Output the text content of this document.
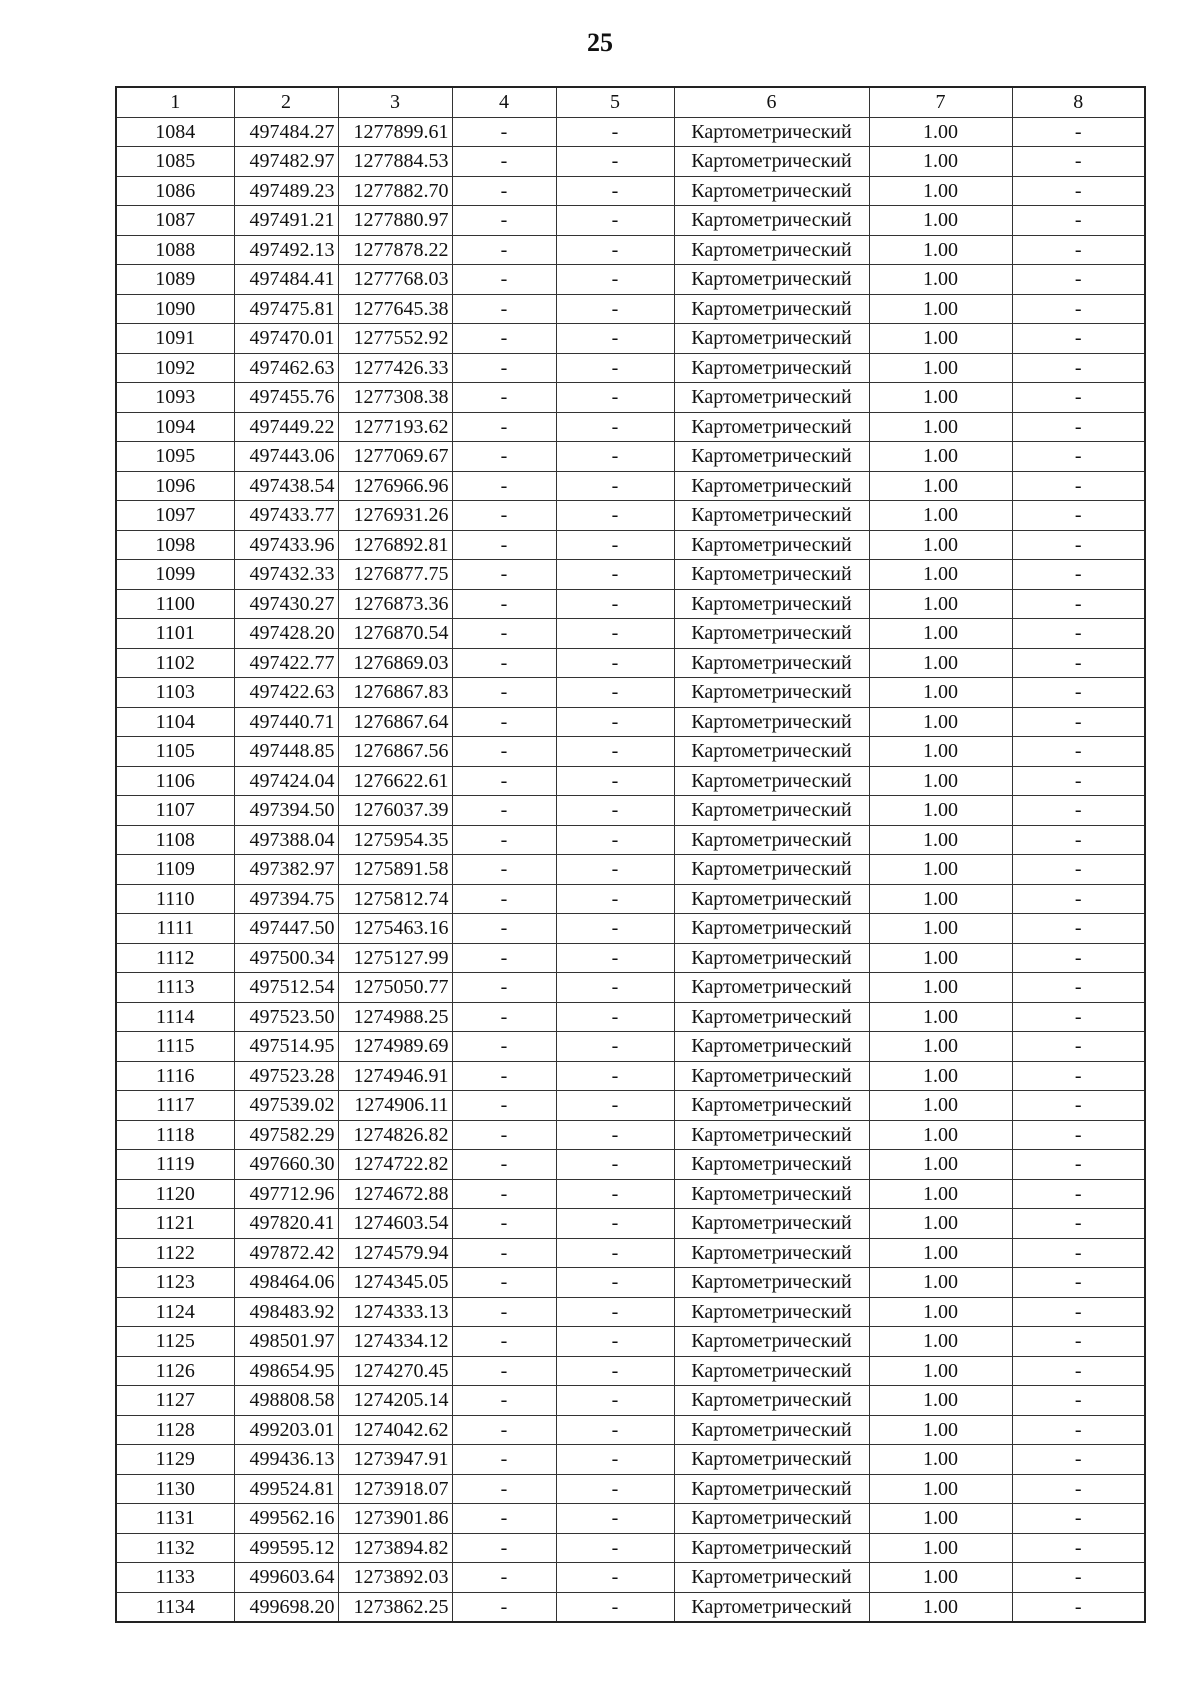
25
1	2	3	4	5	6	7	8
1084	497484.27	1277899.61	-	-	Картометрический	1.00	-
1085	497482.97	1277884.53	-	-	Картометрический	1.00	-
1086	497489.23	1277882.70	-	-	Картометрический	1.00	-
1087	497491.21	1277880.97	-	-	Картометрический	1.00	-
1088	497492.13	1277878.22	-	-	Картометрический	1.00	-
1089	497484.41	1277768.03	-	-	Картометрический	1.00	-
1090	497475.81	1277645.38	-	-	Картометрический	1.00	-
1091	497470.01	1277552.92	-	-	Картометрический	1.00	-
1092	497462.63	1277426.33	-	-	Картометрический	1.00	-
1093	497455.76	1277308.38	-	-	Картометрический	1.00	-
1094	497449.22	1277193.62	-	-	Картометрический	1.00	-
1095	497443.06	1277069.67	-	-	Картометрический	1.00	-
1096	497438.54	1276966.96	-	-	Картометрический	1.00	-
1097	497433.77	1276931.26	-	-	Картометрический	1.00	-
1098	497433.96	1276892.81	-	-	Картометрический	1.00	-
1099	497432.33	1276877.75	-	-	Картометрический	1.00	-
1100	497430.27	1276873.36	-	-	Картометрический	1.00	-
1101	497428.20	1276870.54	-	-	Картометрический	1.00	-
1102	497422.77	1276869.03	-	-	Картометрический	1.00	-
1103	497422.63	1276867.83	-	-	Картометрический	1.00	-
1104	497440.71	1276867.64	-	-	Картометрический	1.00	-
1105	497448.85	1276867.56	-	-	Картометрический	1.00	-
1106	497424.04	1276622.61	-	-	Картометрический	1.00	-
1107	497394.50	1276037.39	-	-	Картометрический	1.00	-
1108	497388.04	1275954.35	-	-	Картометрический	1.00	-
1109	497382.97	1275891.58	-	-	Картометрический	1.00	-
1110	497394.75	1275812.74	-	-	Картометрический	1.00	-
1111	497447.50	1275463.16	-	-	Картометрический	1.00	-
1112	497500.34	1275127.99	-	-	Картометрический	1.00	-
1113	497512.54	1275050.77	-	-	Картометрический	1.00	-
1114	497523.50	1274988.25	-	-	Картометрический	1.00	-
1115	497514.95	1274989.69	-	-	Картометрический	1.00	-
1116	497523.28	1274946.91	-	-	Картометрический	1.00	-
1117	497539.02	1274906.11	-	-	Картометрический	1.00	-
1118	497582.29	1274826.82	-	-	Картометрический	1.00	-
1119	497660.30	1274722.82	-	-	Картометрический	1.00	-
1120	497712.96	1274672.88	-	-	Картометрический	1.00	-
1121	497820.41	1274603.54	-	-	Картометрический	1.00	-
1122	497872.42	1274579.94	-	-	Картометрический	1.00	-
1123	498464.06	1274345.05	-	-	Картометрический	1.00	-
1124	498483.92	1274333.13	-	-	Картометрический	1.00	-
1125	498501.97	1274334.12	-	-	Картометрический	1.00	-
1126	498654.95	1274270.45	-	-	Картометрический	1.00	-
1127	498808.58	1274205.14	-	-	Картометрический	1.00	-
1128	499203.01	1274042.62	-	-	Картометрический	1.00	-
1129	499436.13	1273947.91	-	-	Картометрический	1.00	-
1130	499524.81	1273918.07	-	-	Картометрический	1.00	-
1131	499562.16	1273901.86	-	-	Картометрический	1.00	-
1132	499595.12	1273894.82	-	-	Картометрический	1.00	-
1133	499603.64	1273892.03	-	-	Картометрический	1.00	-
1134	499698.20	1273862.25	-	-	Картометрический	1.00	-
